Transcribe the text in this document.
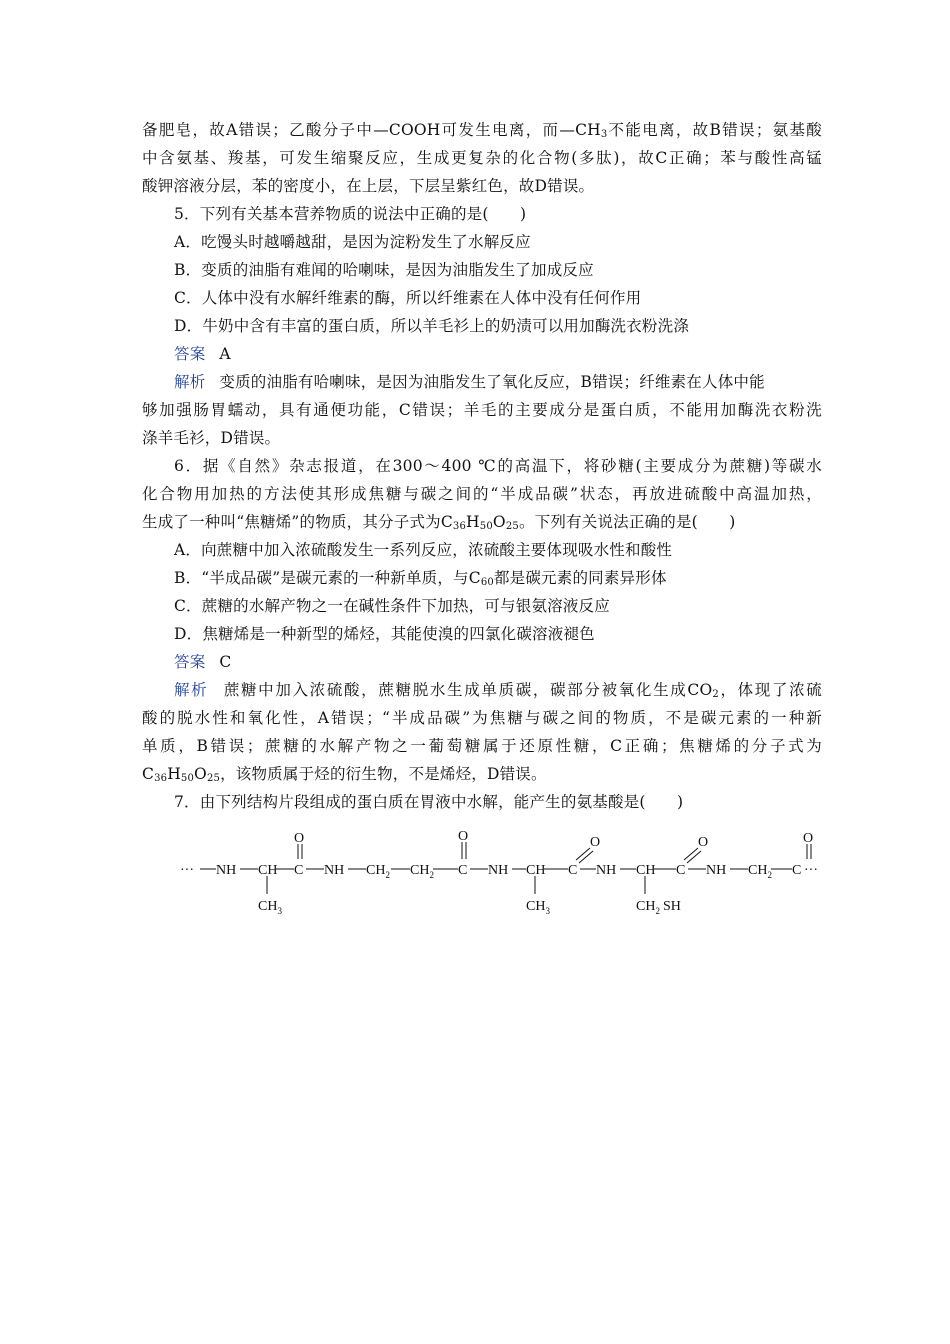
备肥皂，故A错误；乙酸分子中—COOH可发生电离，而$—CH_3$不能电离，故B错误；氨基酸
中含氨基、羧基，可发生缩聚反应，生成更复杂的化合物(多肽)，故C正确；苯与酸性高锰
酸钾溶液分层，苯的密度小，在上层，下层呈紫红色，故D错误。
5．下列有关基本营养物质的说法中正确的是(　　)
A．吃馒头时越嚼越甜，是因为淀粉发生了水解反应
B．变质的油脂有难闻的哈喇味，是因为油脂发生了加成反应
C．人体中没有水解纤维素的酶，所以纤维素在人体中没有任何作用
D．牛奶中含有丰富的蛋白质，所以羊毛衫上的奶渍可以用加酶洗衣粉洗涤
答案 A
解析 变质的油脂有哈喇味，是因为油脂发生了氧化反应，B错误；纤维素在人体中能
够加强肠胃蠕动，具有通便功能，C错误；羊毛的主要成分是蛋白质，不能用加酶洗衣粉洗
涤羊毛衫，D错误。
6．据《自然》杂志报道，在300～400 ℃的高温下，将砂糖(主要成分为蔗糖)等碳水
化合物用加热的方法使其形成焦糖与碳之间的“半成品碳”状态，再放进硫酸中高温加热，
生成了一种叫“焦糖烯”的物质，其分子式为$C_{36}H_{50}O_{25}$。下列有关说法正确的是(　　)
A．向蔗糖中加入浓硫酸发生一系列反应，浓硫酸主要体现吸水性和酸性
B．“半成品碳”是碳元素的一种新单质，与$C_{60}$都是碳元素的同素异形体
C．蔗糖的水解产物之一在碱性条件下加热，可与银氨溶液反应
D．焦糖烯是一种新型的烯烃，其能使溴的四氯化碳溶液褪色
答案 C
解析 蔗糖中加入浓硫酸，蔗糖脱水生成单质碳，碳部分被氧化生成$CO_2$，体现了浓硫
酸的脱水性和氧化性，A错误；“半成品碳”为焦糖与碳之间的物质，不是碳元素的一种新
单质，B错误；蔗糖的水解产物之一葡萄糖属于还原性糖，C正确；焦糖烯的分子式为
$C_{36}H_{50}O_{25}$，该物质属于烃的衍生物，不是烯烃，D错误。
7．由下列结构片段组成的蛋白质在胃液中水解，能产生的氨基酸是(　　)
··· NH CH C
O
NH $CH_2$ $CH_2$ C
O
NH CH C
O
NH CH C
O
NH $CH_2$ C
O
···
$CH_3$	$CH_3$	$CH_2$ SH
